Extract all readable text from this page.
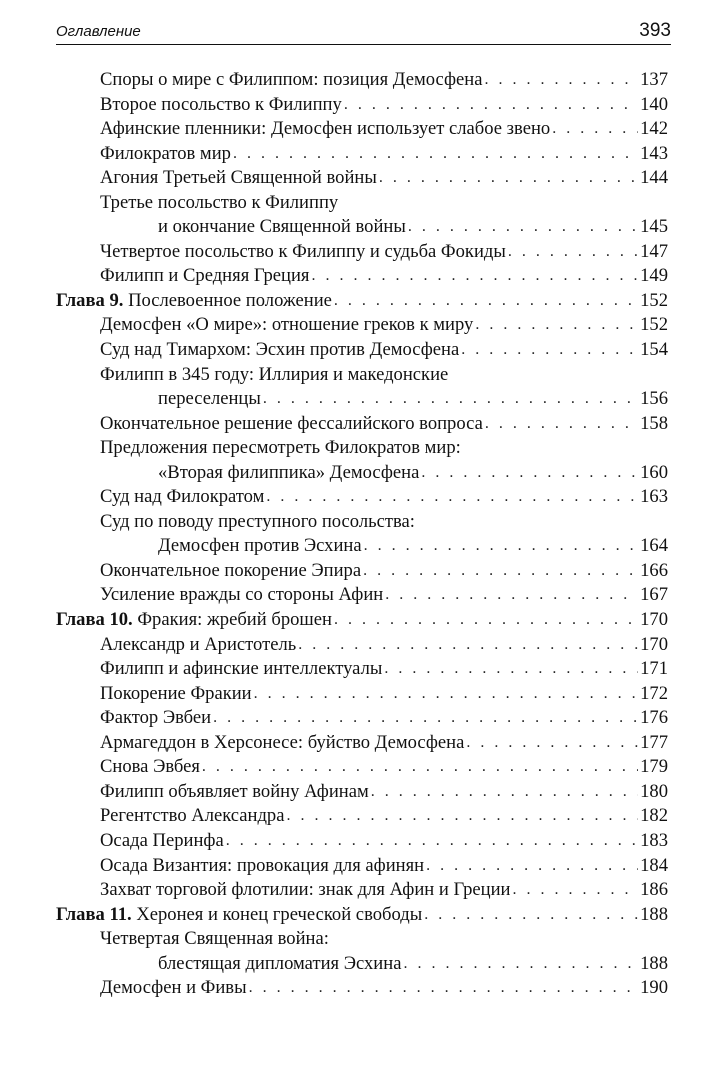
Оглавление	393
Споры о мире с Филиппом: позиция Демосфена . . .	137
Второе посольство к Филиппу . . .	140
Афинские пленники: Демосфен использует слабое звено . . .	142
Филократов мир . . .	143
Агония Третьей Священной войны . . .	144
Третье посольство к Филиппу
и окончание Священной войны . . .	145
Четвертое посольство к Филиппу и судьба Фокиды . . .	147
Филипп и Средняя Греция . . .	149
Глава 9.
Послевоенное положение . . .	152
Демосфен «О мире»: отношение греков к миру . . .	152
Суд над Тимархом: Эсхин против Демосфена . . .	154
Филипп в 345 году: Иллирия и македонские
переселенцы . . .	156
Окончательное решение фессалийского вопроса . . .	158
Предложения пересмотреть Филократов мир:
«Вторая филиппика» Демосфена . . .	160
Суд над Филократом . . .	163
Суд по поводу преступного посольства:
Демосфен против Эсхина . . .	164
Окончательное покорение Эпира . . .	166
Усиление вражды со стороны Афин . . .	167
Глава 10.
Фракия: жребий брошен . . .	170
Александр и Аристотель . . .	170
Филипп и афинские интеллектуалы . . .	171
Покорение Фракии . . .	172
Фактор Эвбеи . . .	176
Армагеддон в Херсонесе: буйство Демосфена . . .	177
Снова Эвбея . . .	179
Филипп объявляет войну Афинам . . .	180
Регентство Александра . . .	182
Осада Перинфа . . .	183
Осада Византия: провокация для афинян . . .	184
Захват торговой флотилии: знак для Афин и Греции . . .	186
Глава 11.
Херонея и конец греческой свободы . . .	188
Четвертая Священная война:
блестящая дипломатия Эсхина . . .	188
Демосфен и Фивы . . .	190
